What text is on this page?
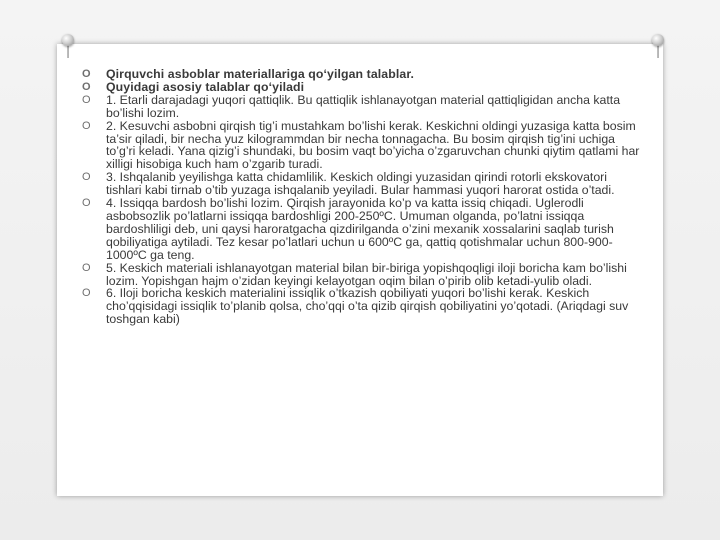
O Qirquvchi asboblar materiallariga qo‘yilgan talablar.
O Quyidagi asosiy talablar qo‘yiladi
O 1. Etarli darajadagi yuqori qattiqlik. Bu qattiqlik ishlanayotgan material qattiqligidan ancha katta bo’lishi lozim.
O 2. Kesuvchi asbobni qirqish tig’i mustahkam bo’lishi kerak. Keskichni oldingi yuzasiga katta bosim ta’sir qiladi, bir necha yuz kilogrammdan bir necha tonnagacha. Bu bosim qirqish tig’ini uchiga to’g’ri keladi. Yana qizig’i shundaki, bu bosim vaqt bo’yicha o’zgaruvchan chunki qiytim qatlami har xilligi hisobiga kuch ham o’zgarib turadi.
O 3. Ishqalanib yeyilishga katta chidamlilik. Keskich oldingi yuzasidan qirindi rotorli ekskovatori tishlari kabi tirnab o’tib yuzaga ishqalanib yeyiladi. Bular hammasi yuqori harorat ostida o’tadi.
O 4. Issiqqa bardosh bo’lishi lozim. Qirqish jarayonida ko’p va katta issiq chiqadi. Uglerodli asbobsozlik po’latlarni issiqqa bardoshligi 200-250ºC. Umuman olganda, po’latni issiqqa bardoshliligi deb, uni qaysi haroratgacha qizdirilganda o’zini mexanik xossalarini saqlab turish qobiliyatiga aytiladi. Tez kesar po’latlari uchun u 600ºC ga, qattiq qotishmalar uchun 800-900-1000ºC ga teng.
O 5. Keskich materiali ishlanayotgan material bilan bir-biriga yopishqoqligi iloji boricha kam bo’lishi lozim. Yopishgan hajm o’zidan keyingi kelayotgan oqim bilan o’pirib olib ketadi-yulib oladi.
O 6. Iloji boricha keskich materialini issiqlik o’tkazish qobiliyati yuqori bo’lishi kerak. Keskich cho’qqisidagi issiqlik to’planib qolsa, cho’qqi o’ta qizib qirqish qobiliyatini yo’qotadi. (Ariqdagi suv toshgan kabi)
